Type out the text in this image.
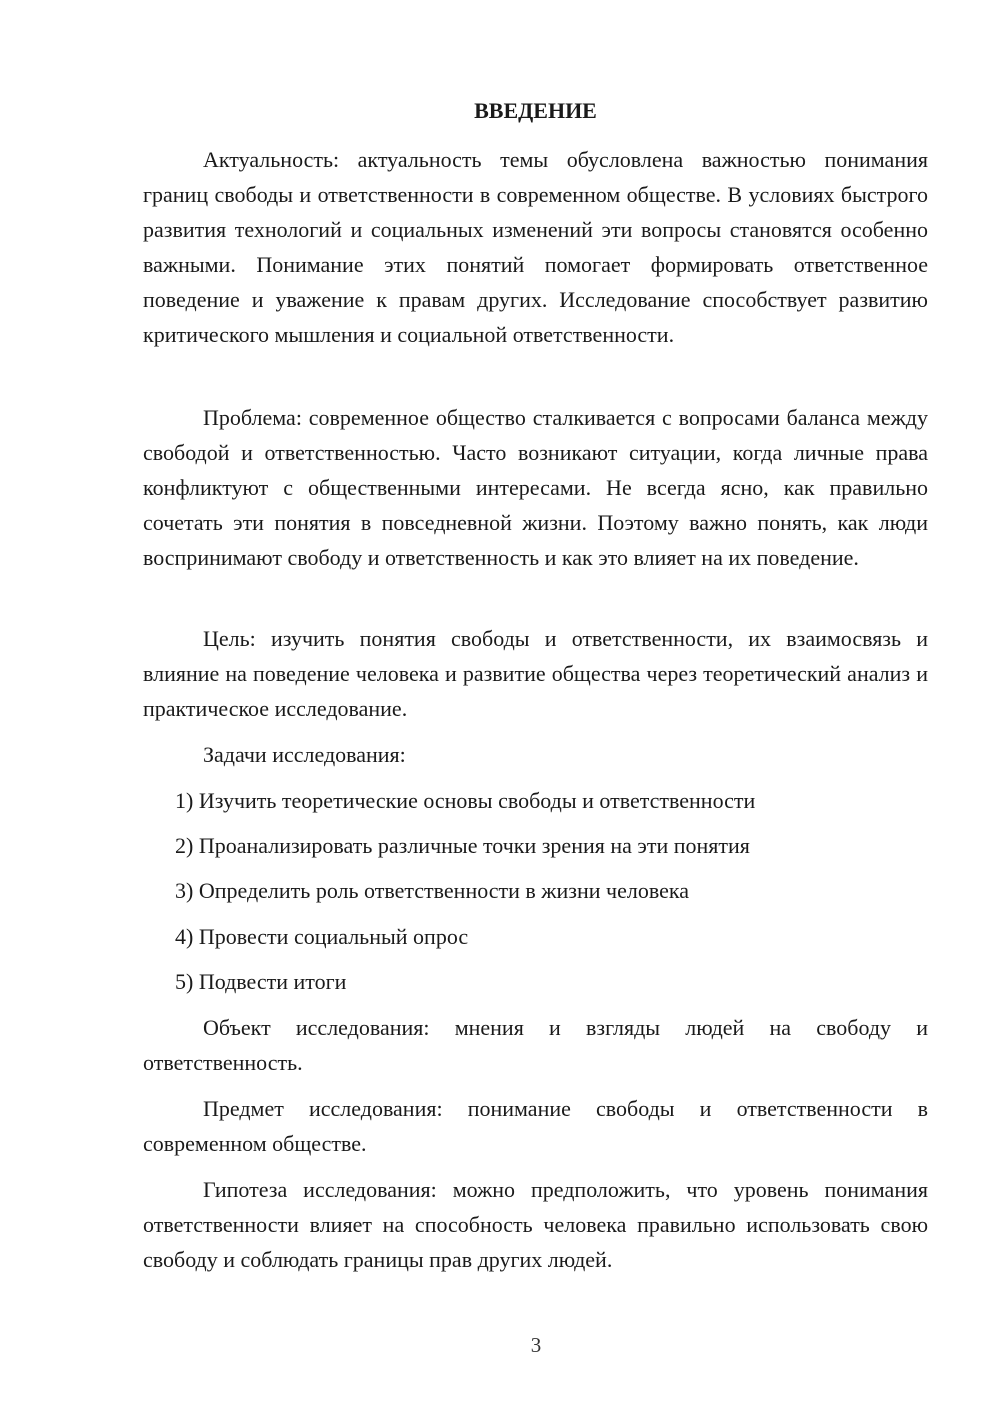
ВВЕДЕНИЕ

Актуальность: актуальность темы обусловлена важностью понимания границ свободы и ответственности в современном обществе. В условиях быстрого развития технологий и социальных изменений эти вопросы становятся особенно важными. Понимание этих понятий помогает формировать ответственное поведение и уважение к правам других. Исследование способствует развитию критического мышления и социальной ответственности.

Проблема: современное общество сталкивается с вопросами баланса между свободой и ответственностью. Часто возникают ситуации, когда личные права конфликтуют с общественными интересами. Не всегда ясно, как правильно сочетать эти понятия в повседневной жизни. Поэтому важно понять, как люди воспринимают свободу и ответственность и как это влияет на их поведение.

Цель: изучить понятия свободы и ответственности, их взаимосвязь и влияние на поведение человека и развитие общества через теоретический анализ и практическое исследование.

Задачи исследования:

1) Изучить теоретические основы свободы и ответственности

2) Проанализировать различные точки зрения на эти понятия

3) Определить роль ответственности в жизни человека

4) Провести социальный опрос

5) Подвести итоги

Объект исследования: мнения и взгляды людей на свободу и ответственность.

Предмет исследования: понимание свободы и ответственности в современном обществе.

Гипотеза исследования: можно предположить, что уровень понимания ответственности влияет на способность человека правильно использовать свою свободу и соблюдать границы прав других людей.

3
